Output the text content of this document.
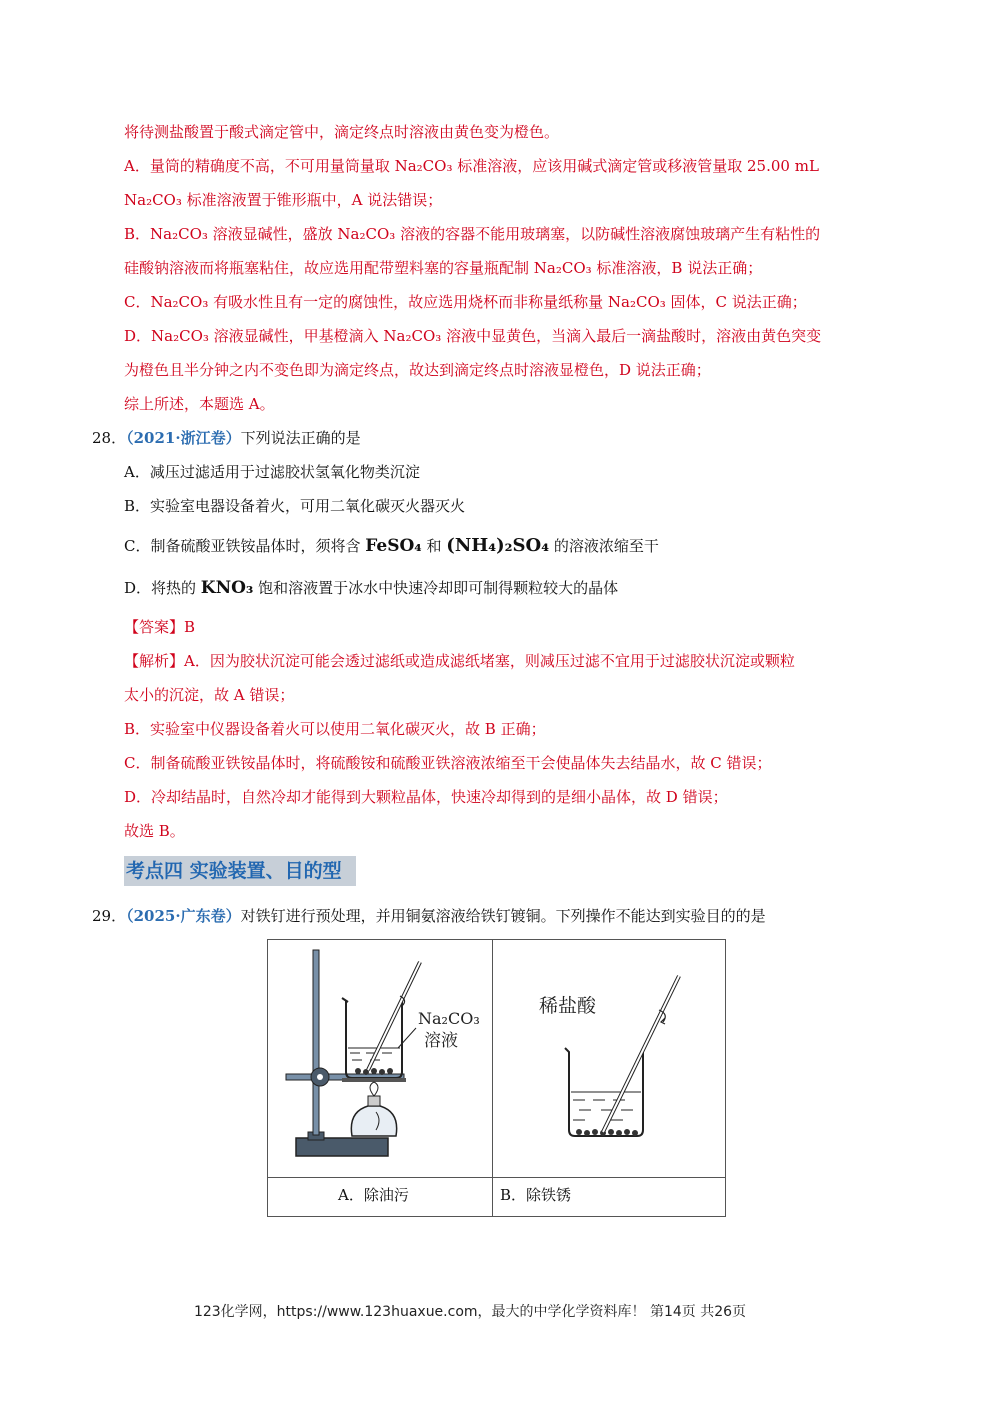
将待测盐酸置于酸式滴定管中，滴定终点时溶液由黄色变为橙色。
A．量筒的精确度不高，不可用量筒量取 Na₂CO₃ 标准溶液，应该用碱式滴定管或移液管量取 25.00 mL
Na₂CO₃ 标准溶液置于锥形瓶中，A 说法错误；
B．Na₂CO₃ 溶液显碱性，盛放 Na₂CO₃ 溶液的容器不能用玻璃塞，以防碱性溶液腐蚀玻璃产生有粘性的
硅酸钠溶液而将瓶塞粘住，故应选用配带塑料塞的容量瓶配制 Na₂CO₃ 标准溶液，B 说法正确；
C．Na₂CO₃ 有吸水性且有一定的腐蚀性，故应选用烧杯而非称量纸称量 Na₂CO₃ 固体，C 说法正确；
D．Na₂CO₃ 溶液显碱性，甲基橙滴入 Na₂CO₃ 溶液中显黄色，当滴入最后一滴盐酸时，溶液由黄色突变
为橙色且半分钟之内不变色即为滴定终点，故达到滴定终点时溶液显橙色，D 说法正确；
综上所述，本题选 A。
28．（2021·浙江卷）下列说法正确的是
A．减压过滤适用于过滤胶状氢氧化物类沉淀
B．实验室电器设备着火，可用二氧化碳灭火器灭火
C．制备硫酸亚铁铵晶体时，须将含 FeSO₄ 和 (NH₄)₂SO₄ 的溶液浓缩至干
D．将热的 KNO₃ 饱和溶液置于冰水中快速冷却即可制得颗粒较大的晶体
【答案】B
【解析】A．因为胶状沉淀可能会透过滤纸或造成滤纸堵塞，则减压过滤不宜用于过滤胶状沉淀或颗粒
太小的沉淀，故 A 错误；
B．实验室中仪器设备着火可以使用二氧化碳灭火，故 B 正确；
C．制备硫酸亚铁铵晶体时，将硫酸铵和硫酸亚铁溶液浓缩至干会使晶体失去结晶水，故 C 错误；
D．冷却结晶时，自然冷却才能得到大颗粒晶体，快速冷却得到的是细小晶体，故 D 错误；
故选 B。
考点四 实验装置、目的型
29．（2025·广东卷）对铁钉进行预处理，并用铜氨溶液给铁钉镀铜。下列操作不能达到实验目的的是
Na₂CO₃
溶液
稀盐酸
A．除油污	B．除铁锈
123化学网，https://www.123huaxue.com，最大的中学化学资料库！ 第14页 共26页
